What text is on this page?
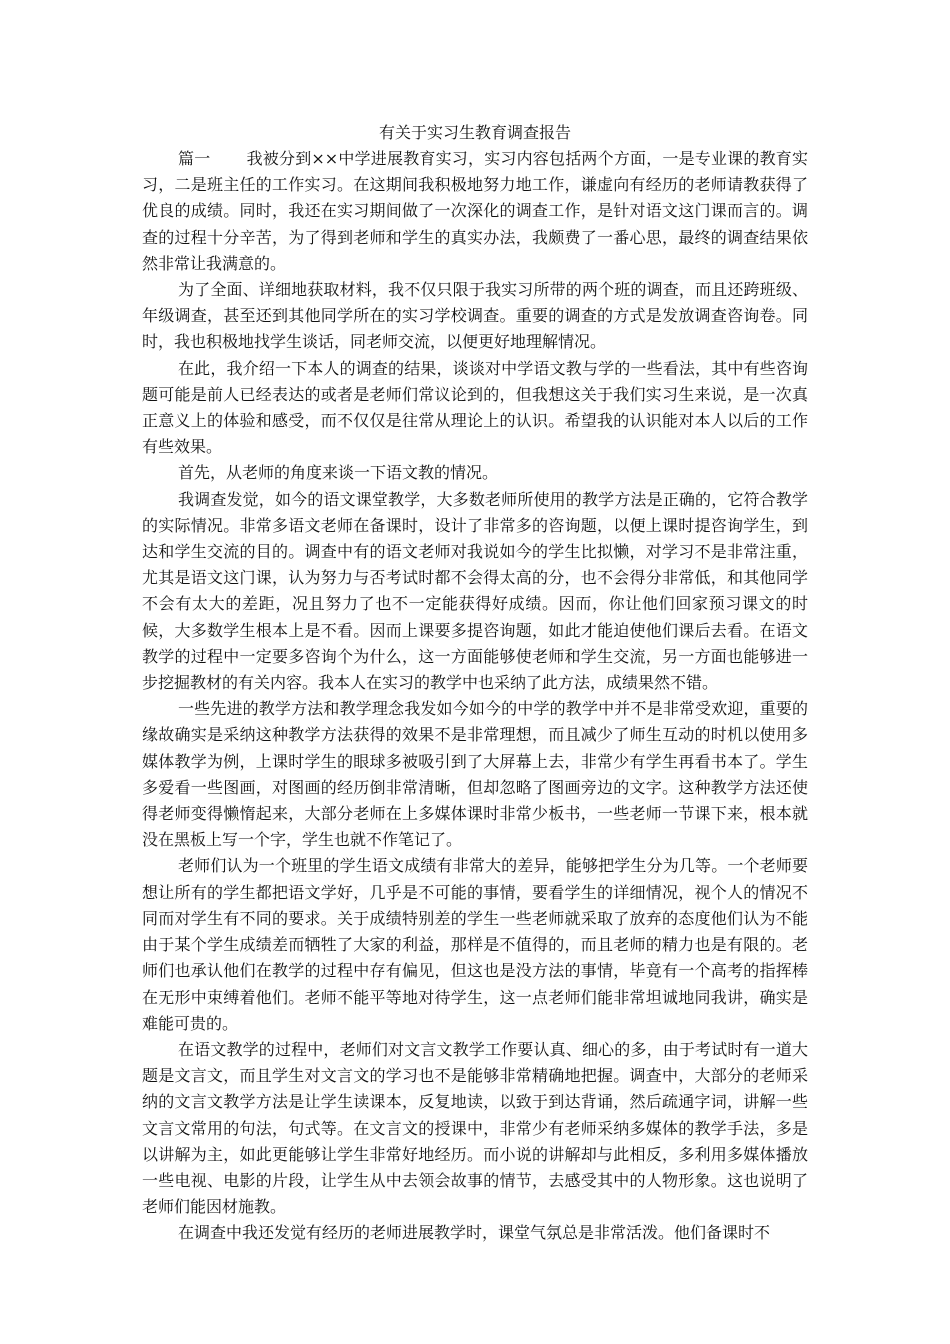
有关于实习生教育调查报告

篇一 我被分到××中学进展教育实习，实习内容包括两个方面，一是专业课的教育实习，二是班主任的工作实习。在这期间我积极地努力地工作，谦虚向有经历的老师请教获得了优良的成绩。同时，我还在实习期间做了一次深化的调查工作，是针对语文这门课而言的。调查的过程十分辛苦，为了得到老师和学生的真实办法，我颇费了一番心思，最终的调查结果依然非常让我满意的。

为了全面、详细地获取材料，我不仅只限于我实习所带的两个班的调查，而且还跨班级、年级调查，甚至还到其他同学所在的实习学校调查。重要的调查的方式是发放调查咨询卷。同时，我也积极地找学生谈话，同老师交流，以便更好地理解情况。

在此，我介绍一下本人的调查的结果，谈谈对中学语文教与学的一些看法，其中有些咨询题可能是前人已经表达的或者是老师们常议论到的，但我想这关于我们实习生来说，是一次真正意义上的体验和感受，而不仅仅是往常从理论上的认识。希望我的认识能对本人以后的工作有些效果。

首先，从老师的角度来谈一下语文教的情况。

我调查发觉，如今的语文课堂教学，大多数老师所使用的教学方法是正确的，它符合教学的实际情况。非常多语文老师在备课时，设计了非常多的咨询题，以便上课时提咨询学生，到达和学生交流的目的。调查中有的语文老师对我说如今的学生比拟懒，对学习不是非常注重，尤其是语文这门课，认为努力与否考试时都不会得太高的分，也不会得分非常低，和其他同学不会有太大的差距，况且努力了也不一定能获得好成绩。因而，你让他们回家预习课文的时候，大多数学生根本上是不看。因而上课要多提咨询题，如此才能迫使他们课后去看。在语文教学的过程中一定要多咨询个为什么，这一方面能够使老师和学生交流，另一方面也能够进一步挖掘教材的有关内容。我本人在实习的教学中也采纳了此方法，成绩果然不错。

一些先进的教学方法和教学理念我发如今如今的中学的教学中并不是非常受欢迎，重要的缘故确实是采纳这种教学方法获得的效果不是非常理想，而且减少了师生互动的时机以使用多媒体教学为例，上课时学生的眼球多被吸引到了大屏幕上去，非常少有学生再看书本了。学生多爱看一些图画，对图画的经历倒非常清晰，但却忽略了图画旁边的文字。这种教学方法还使得老师变得懒惰起来，大部分老师在上多媒体课时非常少板书，一些老师一节课下来，根本就没在黑板上写一个字，学生也就不作笔记了。

老师们认为一个班里的学生语文成绩有非常大的差异，能够把学生分为几等。一个老师要想让所有的学生都把语文学好，几乎是不可能的事情，要看学生的详细情况，视个人的情况不同而对学生有不同的要求。关于成绩特别差的学生一些老师就采取了放弃的态度他们认为不能由于某个学生成绩差而牺牲了大家的利益，那样是不值得的，而且老师的精力也是有限的。老师们也承认他们在教学的过程中存有偏见，但这也是没方法的事情，毕竟有一个高考的指挥棒在无形中束缚着他们。老师不能平等地对待学生，这一点老师们能非常坦诚地同我讲，确实是难能可贵的。

在语文教学的过程中，老师们对文言文教学工作要认真、细心的多，由于考试时有一道大题是文言文，而且学生对文言文的学习也不是能够非常精确地把握。调查中，大部分的老师采纳的文言文教学方法是让学生读课本，反复地读，以致于到达背诵，然后疏通字词，讲解一些文言文常用的句法，句式等。在文言文的授课中，非常少有老师采纳多媒体的教学手法，多是以讲解为主，如此更能够让学生非常好地经历。而小说的讲解却与此相反，多利用多媒体播放一些电视、电影的片段，让学生从中去领会故事的情节，去感受其中的人物形象。这也说明了老师们能因材施教。

在调查中我还发觉有经历的老师进展教学时，课堂气氛总是非常活泼。他们备课时不
